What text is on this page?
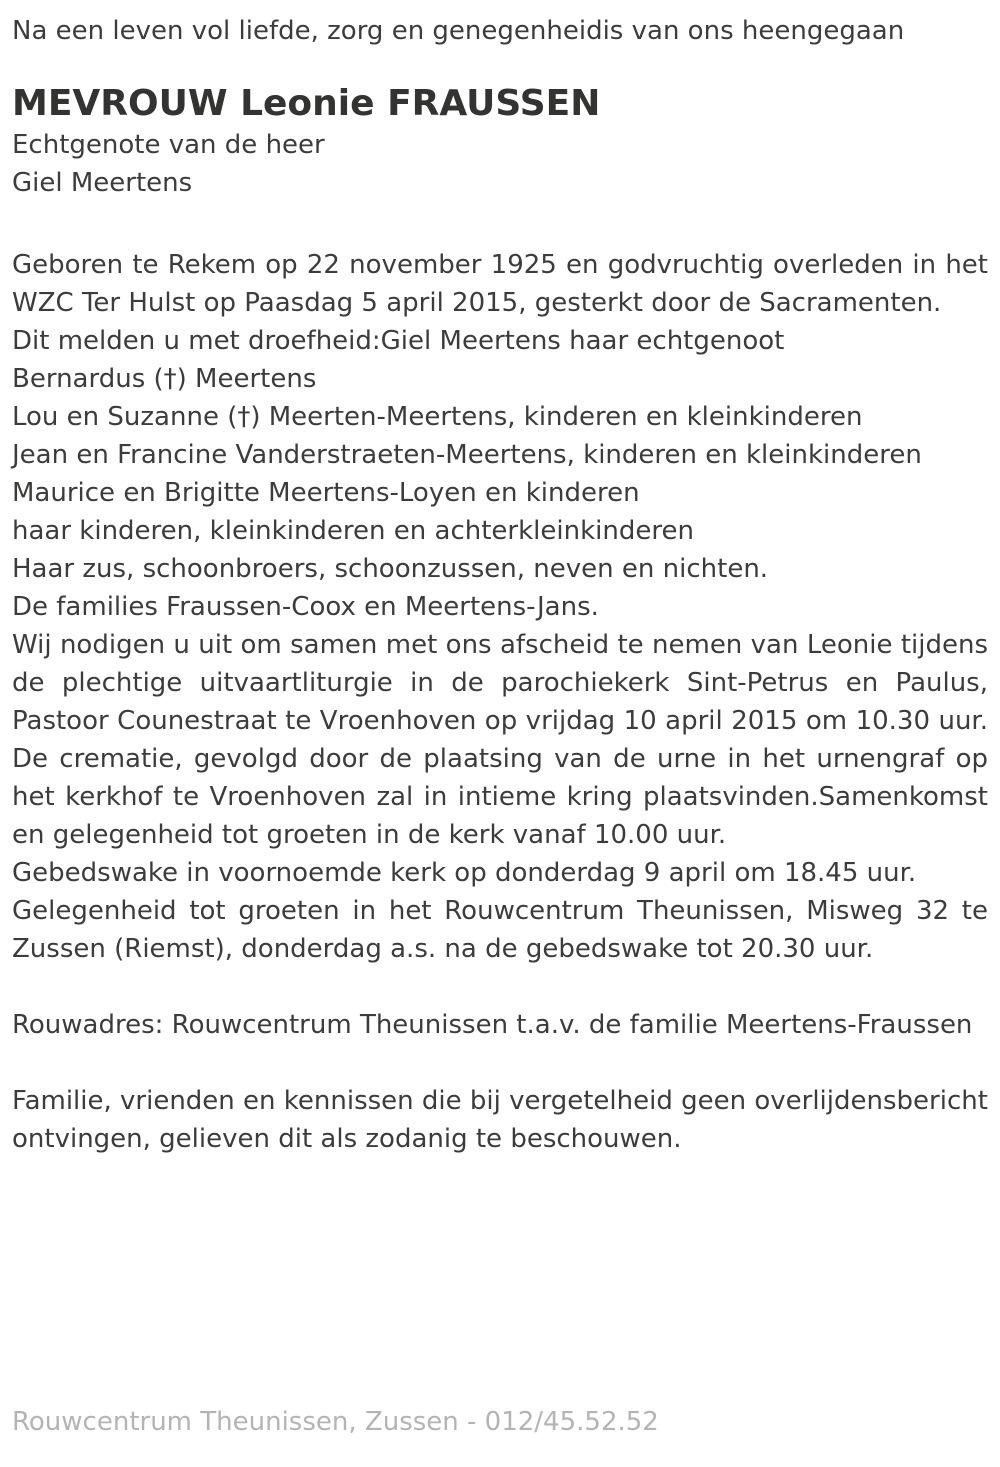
Na een leven vol liefde, zorg en genegenheidis van ons heengegaan
MEVROUW Leonie FRAUSSEN
Echtgenote van de heer
Giel Meertens
Geboren te Rekem op 22 november 1925 en godvruchtig overleden in het WZC Ter Hulst op Paasdag 5 april 2015, gesterkt door de Sacramenten.
Dit melden u met droefheid:Giel Meertens haar echtgenoot
Bernardus (†) Meertens
Lou en Suzanne (†) Meerten-Meertens, kinderen en kleinkinderen
Jean en Francine Vanderstraeten-Meertens, kinderen en kleinkinderen
Maurice en Brigitte Meertens-Loyen en kinderen
haar kinderen, kleinkinderen en achterkleinkinderen
Haar zus, schoonbroers, schoonzussen, neven en nichten.
De families Fraussen-Coox en Meertens-Jans.
Wij nodigen u uit om samen met ons afscheid te nemen van Leonie tijdens de plechtige uitvaartliturgie in de parochiekerk Sint-Petrus en Paulus, Pastoor Counestraat te Vroenhoven op vrijdag 10 april 2015 om 10.30 uur. De crematie, gevolgd door de plaatsing van de urne in het urnengraf op het kerkhof te Vroenhoven zal in intieme kring plaatsvinden.Samenkomst en gelegenheid tot groeten in de kerk vanaf 10.00 uur.
Gebedswake in voornoemde kerk op donderdag 9 april om 18.45 uur.
Gelegenheid tot groeten in het Rouwcentrum Theunissen, Misweg 32 te Zussen (Riemst), donderdag a.s. na de gebedswake tot 20.30 uur.
Rouwadres: Rouwcentrum Theunissen t.a.v. de familie Meertens-Fraussen
Familie, vrienden en kennissen die bij vergetelheid geen overlijdensbericht ontvingen, gelieven dit als zodanig te beschouwen.
Rouwcentrum Theunissen, Zussen - 012/45.52.52
